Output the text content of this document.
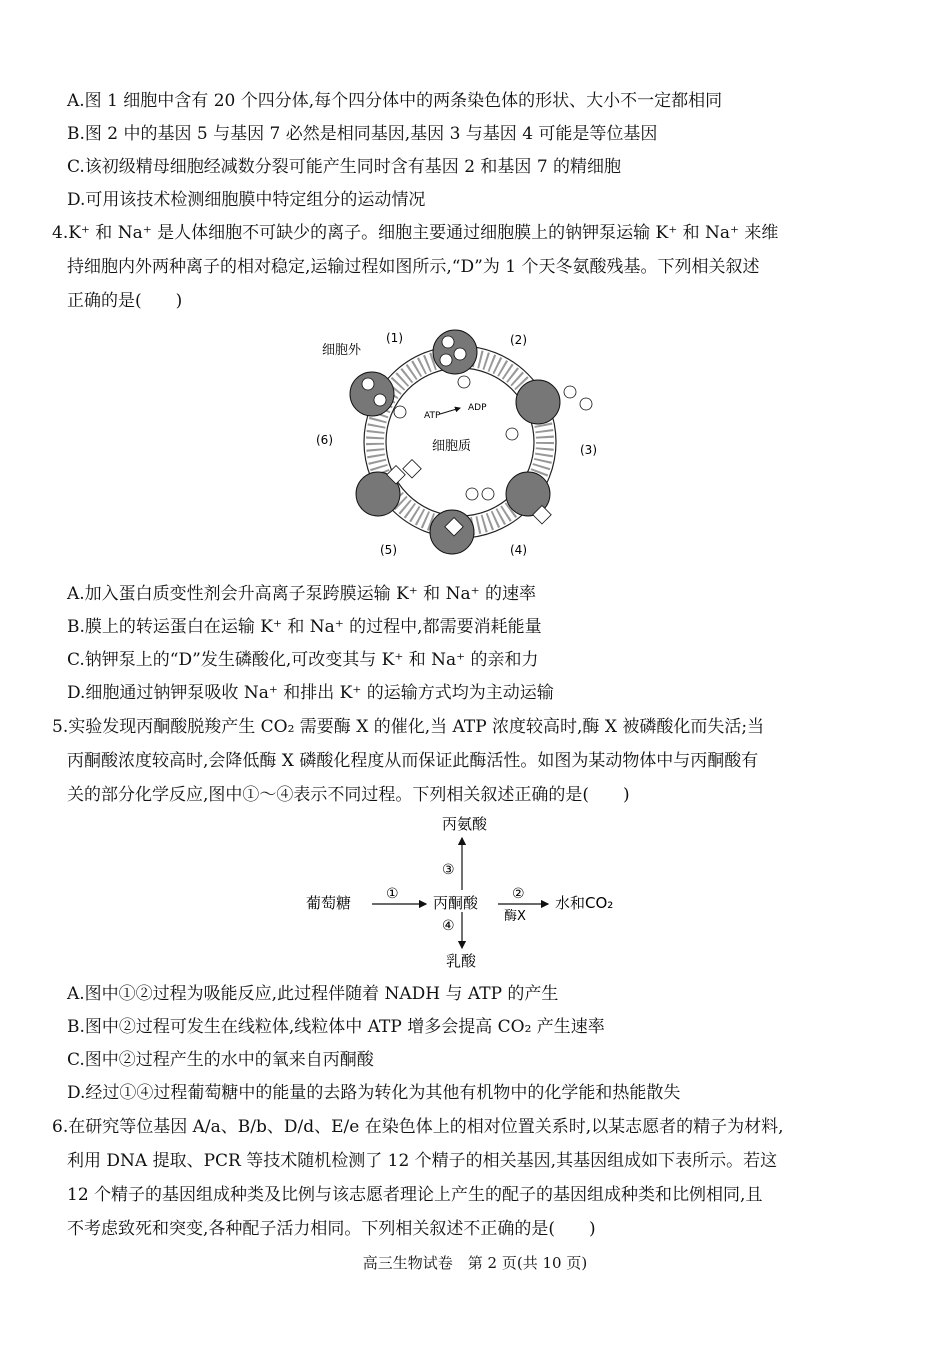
A.图 1 细胞中含有 20 个四分体,每个四分体中的两条染色体的形状、大小不一定都相同
B.图 2 中的基因 5 与基因 7 必然是相同基因,基因 3 与基因 4 可能是等位基因
C.该初级精母细胞经减数分裂可能产生同时含有基因 2 和基因 7 的精细胞
D.可用该技术检测细胞膜中特定组分的运动情况
4.K⁺ 和 Na⁺ 是人体细胞不可缺少的离子。细胞主要通过细胞膜上的钠钾泵运输 K⁺ 和 Na⁺ 来维
持细胞内外两种离子的相对稳定,运输过程如图所示,“D”为 1 个天冬氨酸残基。下列相关叙述
正确的是(　　)
细胞外
细胞质
(1)	(2)
(3)
(4)
(5)
(6)
ATP
ADP
A.加入蛋白质变性剂会升高离子泵跨膜运输 K⁺ 和 Na⁺ 的速率
B.膜上的转运蛋白在运输 K⁺ 和 Na⁺ 的过程中,都需要消耗能量
C.钠钾泵上的“D”发生磷酸化,可改变其与 K⁺ 和 Na⁺ 的亲和力
D.细胞通过钠钾泵吸收 Na⁺ 和排出 K⁺ 的运输方式均为主动运输
5.实验发现丙酮酸脱羧产生 CO₂ 需要酶 X 的催化,当 ATP 浓度较高时,酶 X 被磷酸化而失活;当
丙酮酸浓度较高时,会降低酶 X 磷酸化程度从而保证此酶活性。如图为某动物体中与丙酮酸有
关的部分化学反应,图中①～④表示不同过程。下列相关叙述正确的是(　　)
丙氨酸
葡萄糖	丙酮酸	水和CO₂
乳酸
①	②
③
④
酶X
A.图中①②过程为吸能反应,此过程伴随着 NADH 与 ATP 的产生
B.图中②过程可发生在线粒体,线粒体中 ATP 增多会提高 CO₂ 产生速率
C.图中②过程产生的水中的氧来自丙酮酸
D.经过①④过程葡萄糖中的能量的去路为转化为其他有机物中的化学能和热能散失
6.在研究等位基因 A/a、B/b、D/d、E/e 在染色体上的相对位置关系时,以某志愿者的精子为材料,
利用 DNA 提取、PCR 等技术随机检测了 12 个精子的相关基因,其基因组成如下表所示。若这
12 个精子的基因组成种类及比例与该志愿者理论上产生的配子的基因组成种类和比例相同,且
不考虑致死和突变,各种配子活力相同。下列相关叙述不正确的是(　　)
高三生物试卷　第 2 页(共 10 页)
